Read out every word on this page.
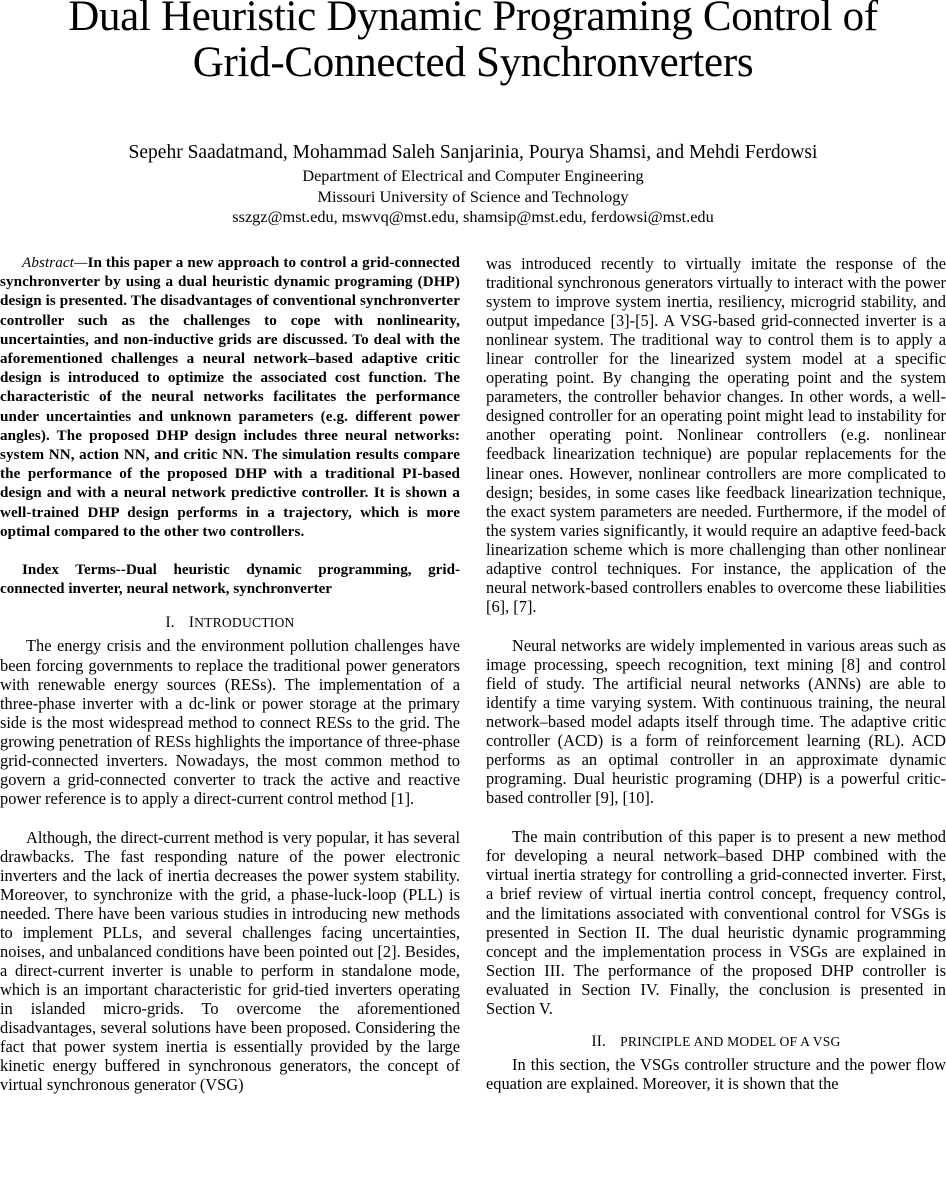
Dual Heuristic Dynamic Programing Control of
Grid-Connected Synchronverters
Sepehr Saadatmand, Mohammad Saleh Sanjarinia, Pourya Shamsi, and Mehdi Ferdowsi
Department of Electrical and Computer Engineering
Missouri University of Science and Technology
sszgz@mst.edu, mswvq@mst.edu, shamsip@mst.edu, ferdowsi@mst.edu

Abstract—In this paper a new approach to control a grid-connected synchronverter by using a dual heuristic dynamic programing (DHP) design is presented. The disadvantages of conventional synchronverter controller such as the challenges to cope with nonlinearity, uncertainties, and non-inductive grids are discussed. To deal with the aforementioned challenges a neural network–based adaptive critic design is introduced to optimize the associated cost function. The characteristic of the neural networks facilitates the performance under uncertainties and unknown parameters (e.g. different power angles). The proposed DHP design includes three neural networks: system NN, action NN, and critic NN. The simulation results compare the performance of the proposed DHP with a traditional PI-based design and with a neural network predictive controller. It is shown a well-trained DHP design performs in a trajectory, which is more optimal compared to the other two controllers.

Index Terms--Dual heuristic dynamic programming, grid-connected inverter, neural network, synchronverter

I. INTRODUCTION

The energy crisis and the environment pollution challenges have been forcing governments to replace the traditional power generators with renewable energy sources (RESs). The implementation of a three-phase inverter with a dc-link or power storage at the primary side is the most widespread method to connect RESs to the grid. The growing penetration of RESs highlights the importance of three-phase grid-connected inverters. Nowadays, the most common method to govern a grid-connected converter to track the active and reactive power reference is to apply a direct-current control method [1].

Although, the direct-current method is very popular, it has several drawbacks. The fast responding nature of the power electronic inverters and the lack of inertia decreases the power system stability. Moreover, to synchronize with the grid, a phase-luck-loop (PLL) is needed. There have been various studies in introducing new methods to implement PLLs, and several challenges facing uncertainties, noises, and unbalanced conditions have been pointed out [2]. Besides, a direct-current inverter is unable to perform in standalone mode, which is an important characteristic for grid-tied inverters operating in islanded micro-grids. To overcome the aforementioned disadvantages, several solutions have been proposed. Considering the fact that power system inertia is essentially provided by the large kinetic energy buffered in synchronous generators, the concept of virtual synchronous generator (VSG)

was introduced recently to virtually imitate the response of the traditional synchronous generators virtually to interact with the power system to improve system inertia, resiliency, microgrid stability, and output impedance [3]-[5]. A VSG-based grid-connected inverter is a nonlinear system. The traditional way to control them is to apply a linear controller for the linearized system model at a specific operating point. By changing the operating point and the system parameters, the controller behavior changes. In other words, a well-designed controller for an operating point might lead to instability for another operating point. Nonlinear controllers (e.g. nonlinear feedback linearization technique) are popular replacements for the linear ones. However, nonlinear controllers are more complicated to design; besides, in some cases like feedback linearization technique, the exact system parameters are needed. Furthermore, if the model of the system varies significantly, it would require an adaptive feed-back linearization scheme which is more challenging than other nonlinear adaptive control techniques. For instance, the application of the neural network-based controllers enables to overcome these liabilities [6], [7].

Neural networks are widely implemented in various areas such as image processing, speech recognition, text mining [8] and control field of study. The artificial neural networks (ANNs) are able to identify a time varying system. With continuous training, the neural network–based model adapts itself through time. The adaptive critic controller (ACD) is a form of reinforcement learning (RL). ACD performs as an optimal controller in an approximate dynamic programing. Dual heuristic programing (DHP) is a powerful critic-based controller [9], [10].

The main contribution of this paper is to present a new method for developing a neural network–based DHP combined with the virtual inertia strategy for controlling a grid-connected inverter. First, a brief review of virtual inertia control concept, frequency control, and the limitations associated with conventional control for VSGs is presented in Section II. The dual heuristic dynamic programming concept and the implementation process in VSGs are explained in Section III. The performance of the proposed DHP controller is evaluated in Section IV. Finally, the conclusion is presented in Section V.

II. PRINCIPLE AND MODEL OF A VSG

In this section, the VSGs controller structure and the power flow equation are explained. Moreover, it is shown that the
